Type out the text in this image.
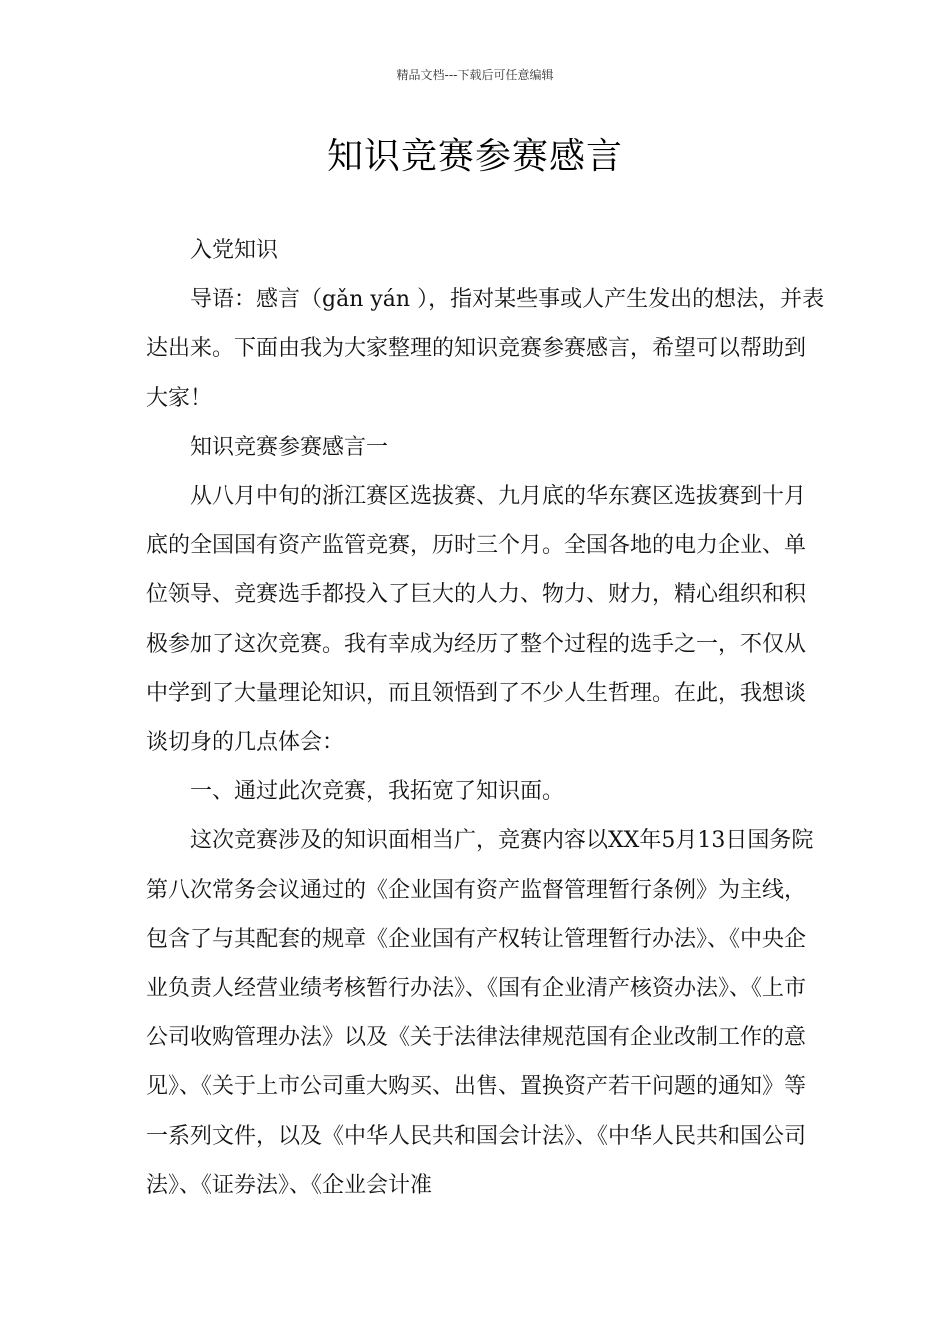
精品文档---下载后可任意编辑
知识竞赛参赛感言

入党知识

导语：感言（gǎn yán ），指对某些事或人产生发出的想法，并表达出来。下面由我为大家整理的知识竞赛参赛感言，希望可以帮助到大家！

知识竞赛参赛感言一

从八月中旬的浙江赛区选拔赛、九月底的华东赛区选拔赛到十月底的全国国有资产监管竞赛，历时三个月。全国各地的电力企业、单位领导、竞赛选手都投入了巨大的人力、物力、财力，精心组织和积极参加了这次竞赛。我有幸成为经历了整个过程的选手之一，不仅从中学到了大量理论知识，而且领悟到了不少人生哲理。在此，我想谈谈切身的几点体会：

一、通过此次竞赛，我拓宽了知识面。

这次竞赛涉及的知识面相当广，竞赛内容以XX年5月13日国务院第八次常务会议通过的《企业国有资产监督管理暂行条例》为主线，包含了与其配套的规章《企业国有产权转让管理暂行办法》、《中央企业负责人经营业绩考核暂行办法》、《国有企业清产核资办法》、《上市公司收购管理办法》以及《关于法律法律规范国有企业改制工作的意见》、《关于上市公司重大购买、出售、置换资产若干问题的通知》等一系列文件，以及《中华人民共和国会计法》、《中华人民共和国公司法》、《证券法》、《企业会计准
